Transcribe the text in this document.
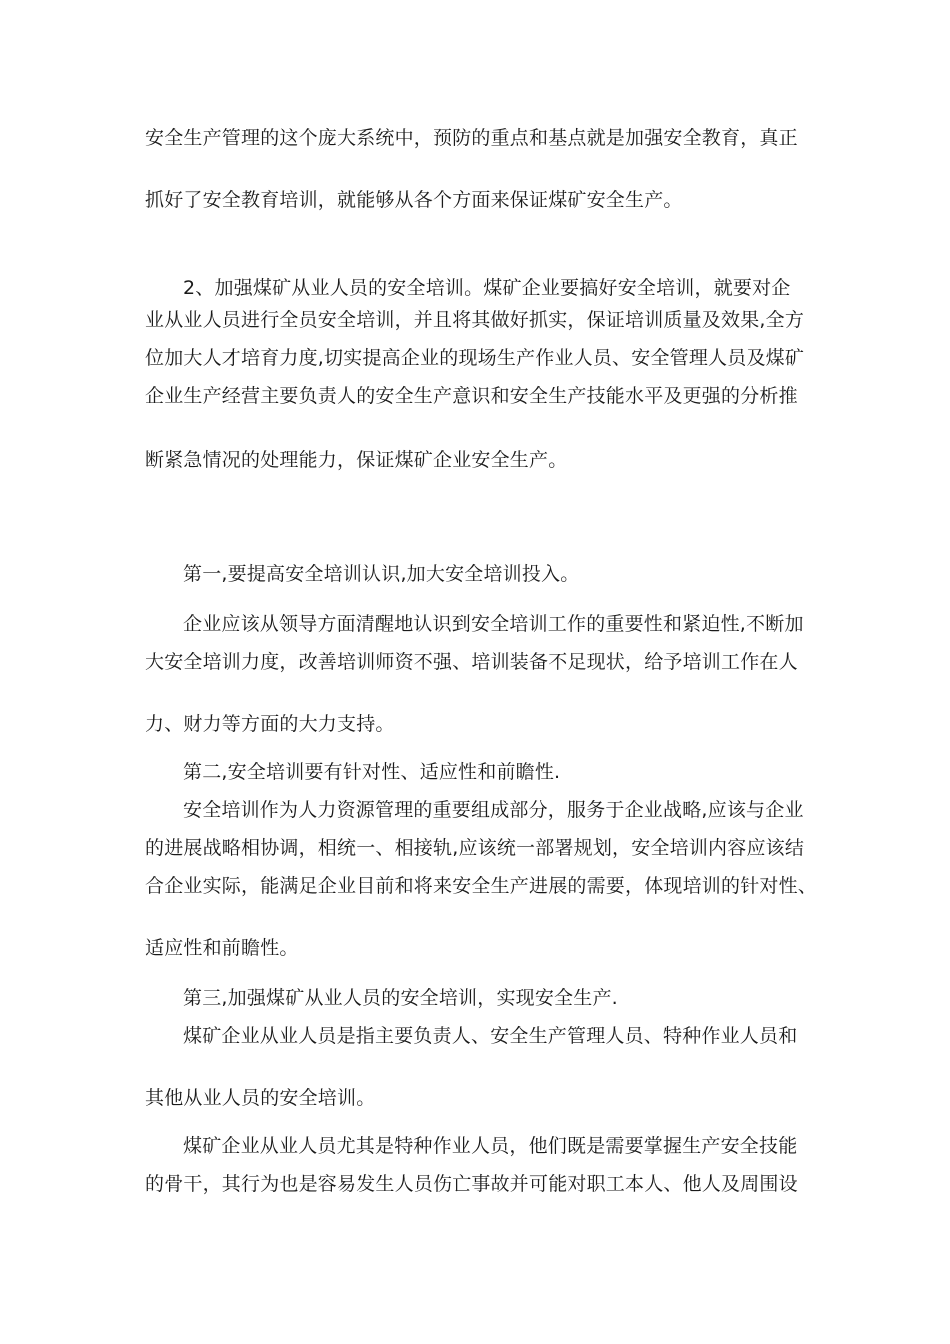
安全生产管理的这个庞大系统中，预防的重点和基点就是加强安全教育，真正
抓好了安全教育培训，就能够从各个方面来保证煤矿安全生产。
2、加强煤矿从业人员的安全培训。煤矿企业要搞好安全培训，就要对企
业从业人员进行全员安全培训，并且将其做好抓实，保证培训质量及效果,全方
位加大人才培育力度,切实提高企业的现场生产作业人员、安全管理人员及煤矿
企业生产经营主要负责人的安全生产意识和安全生产技能水平及更强的分析推
断紧急情况的处理能力，保证煤矿企业安全生产。
第一,要提高安全培训认识,加大安全培训投入。
企业应该从领导方面清醒地认识到安全培训工作的重要性和紧迫性,不断加
大安全培训力度，改善培训师资不强、培训装备不足现状，给予培训工作在人
力、财力等方面的大力支持。
第二,安全培训要有针对性、适应性和前瞻性.
安全培训作为人力资源管理的重要组成部分，服务于企业战略,应该与企业
的进展战略相协调，相统一、相接轨,应该统一部署规划，安全培训内容应该结
合企业实际，能满足企业目前和将来安全生产进展的需要，体现培训的针对性、
适应性和前瞻性。
第三,加强煤矿从业人员的安全培训，实现安全生产.
煤矿企业从业人员是指主要负责人、安全生产管理人员、特种作业人员和
其他从业人员的安全培训。
煤矿企业从业人员尤其是特种作业人员，他们既是需要掌握生产安全技能
的骨干，其行为也是容易发生人员伤亡事故并可能对职工本人、他人及周围设
